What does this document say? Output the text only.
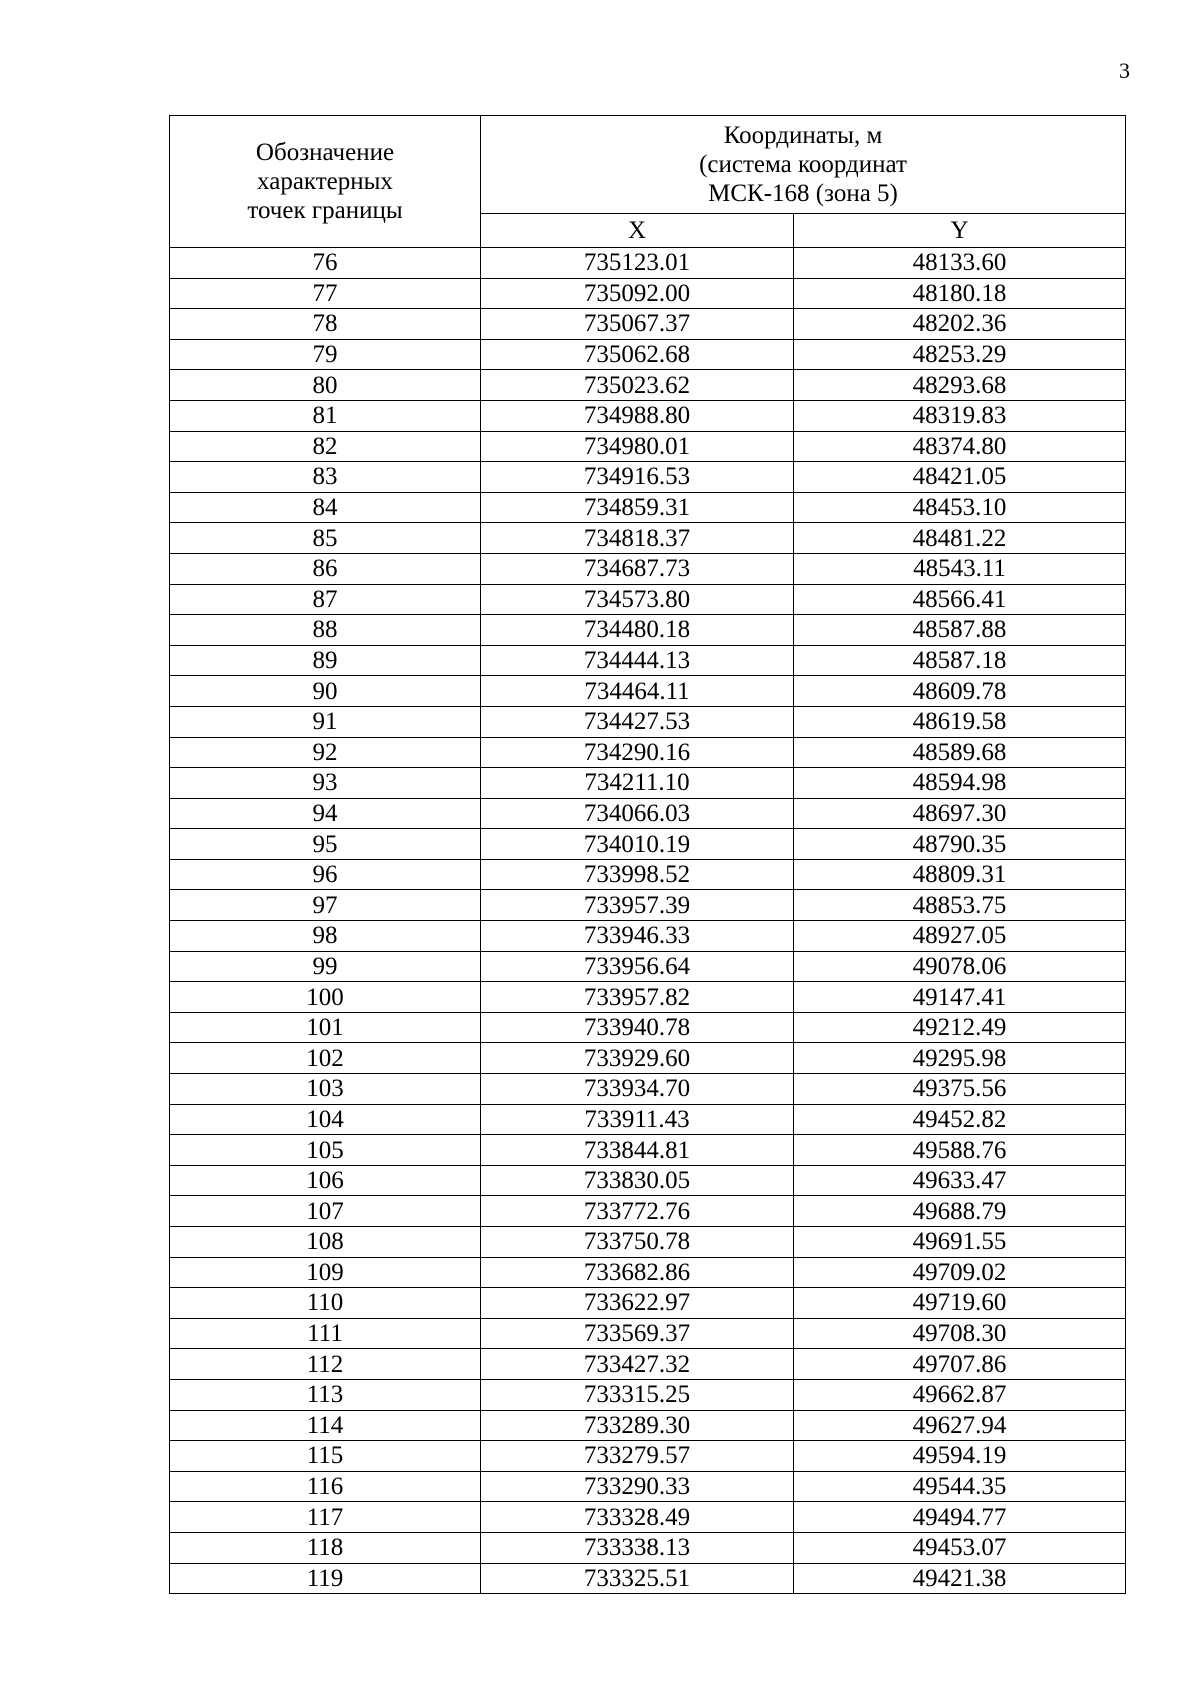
3
Обозначение
характерных
точек границы	Координаты, м
(система координат
МСК-168 (зона 5)	

	X	Y
76	735123.01	48133.60
77	735092.00	48180.18
78	735067.37	48202.36
79	735062.68	48253.29
80	735023.62	48293.68
81	734988.80	48319.83
82	734980.01	48374.80
83	734916.53	48421.05
84	734859.31	48453.10
85	734818.37	48481.22
86	734687.73	48543.11
87	734573.80	48566.41
88	734480.18	48587.88
89	734444.13	48587.18
90	734464.11	48609.78
91	734427.53	48619.58
92	734290.16	48589.68
93	734211.10	48594.98
94	734066.03	48697.30
95	734010.19	48790.35
96	733998.52	48809.31
97	733957.39	48853.75
98	733946.33	48927.05
99	733956.64	49078.06
100	733957.82	49147.41
101	733940.78	49212.49
102	733929.60	49295.98
103	733934.70	49375.56
104	733911.43	49452.82
105	733844.81	49588.76
106	733830.05	49633.47
107	733772.76	49688.79
108	733750.78	49691.55
109	733682.86	49709.02
110	733622.97	49719.60
111	733569.37	49708.30
112	733427.32	49707.86
113	733315.25	49662.87
114	733289.30	49627.94
115	733279.57	49594.19
116	733290.33	49544.35
117	733328.49	49494.77
118	733338.13	49453.07
119	733325.51	49421.38
